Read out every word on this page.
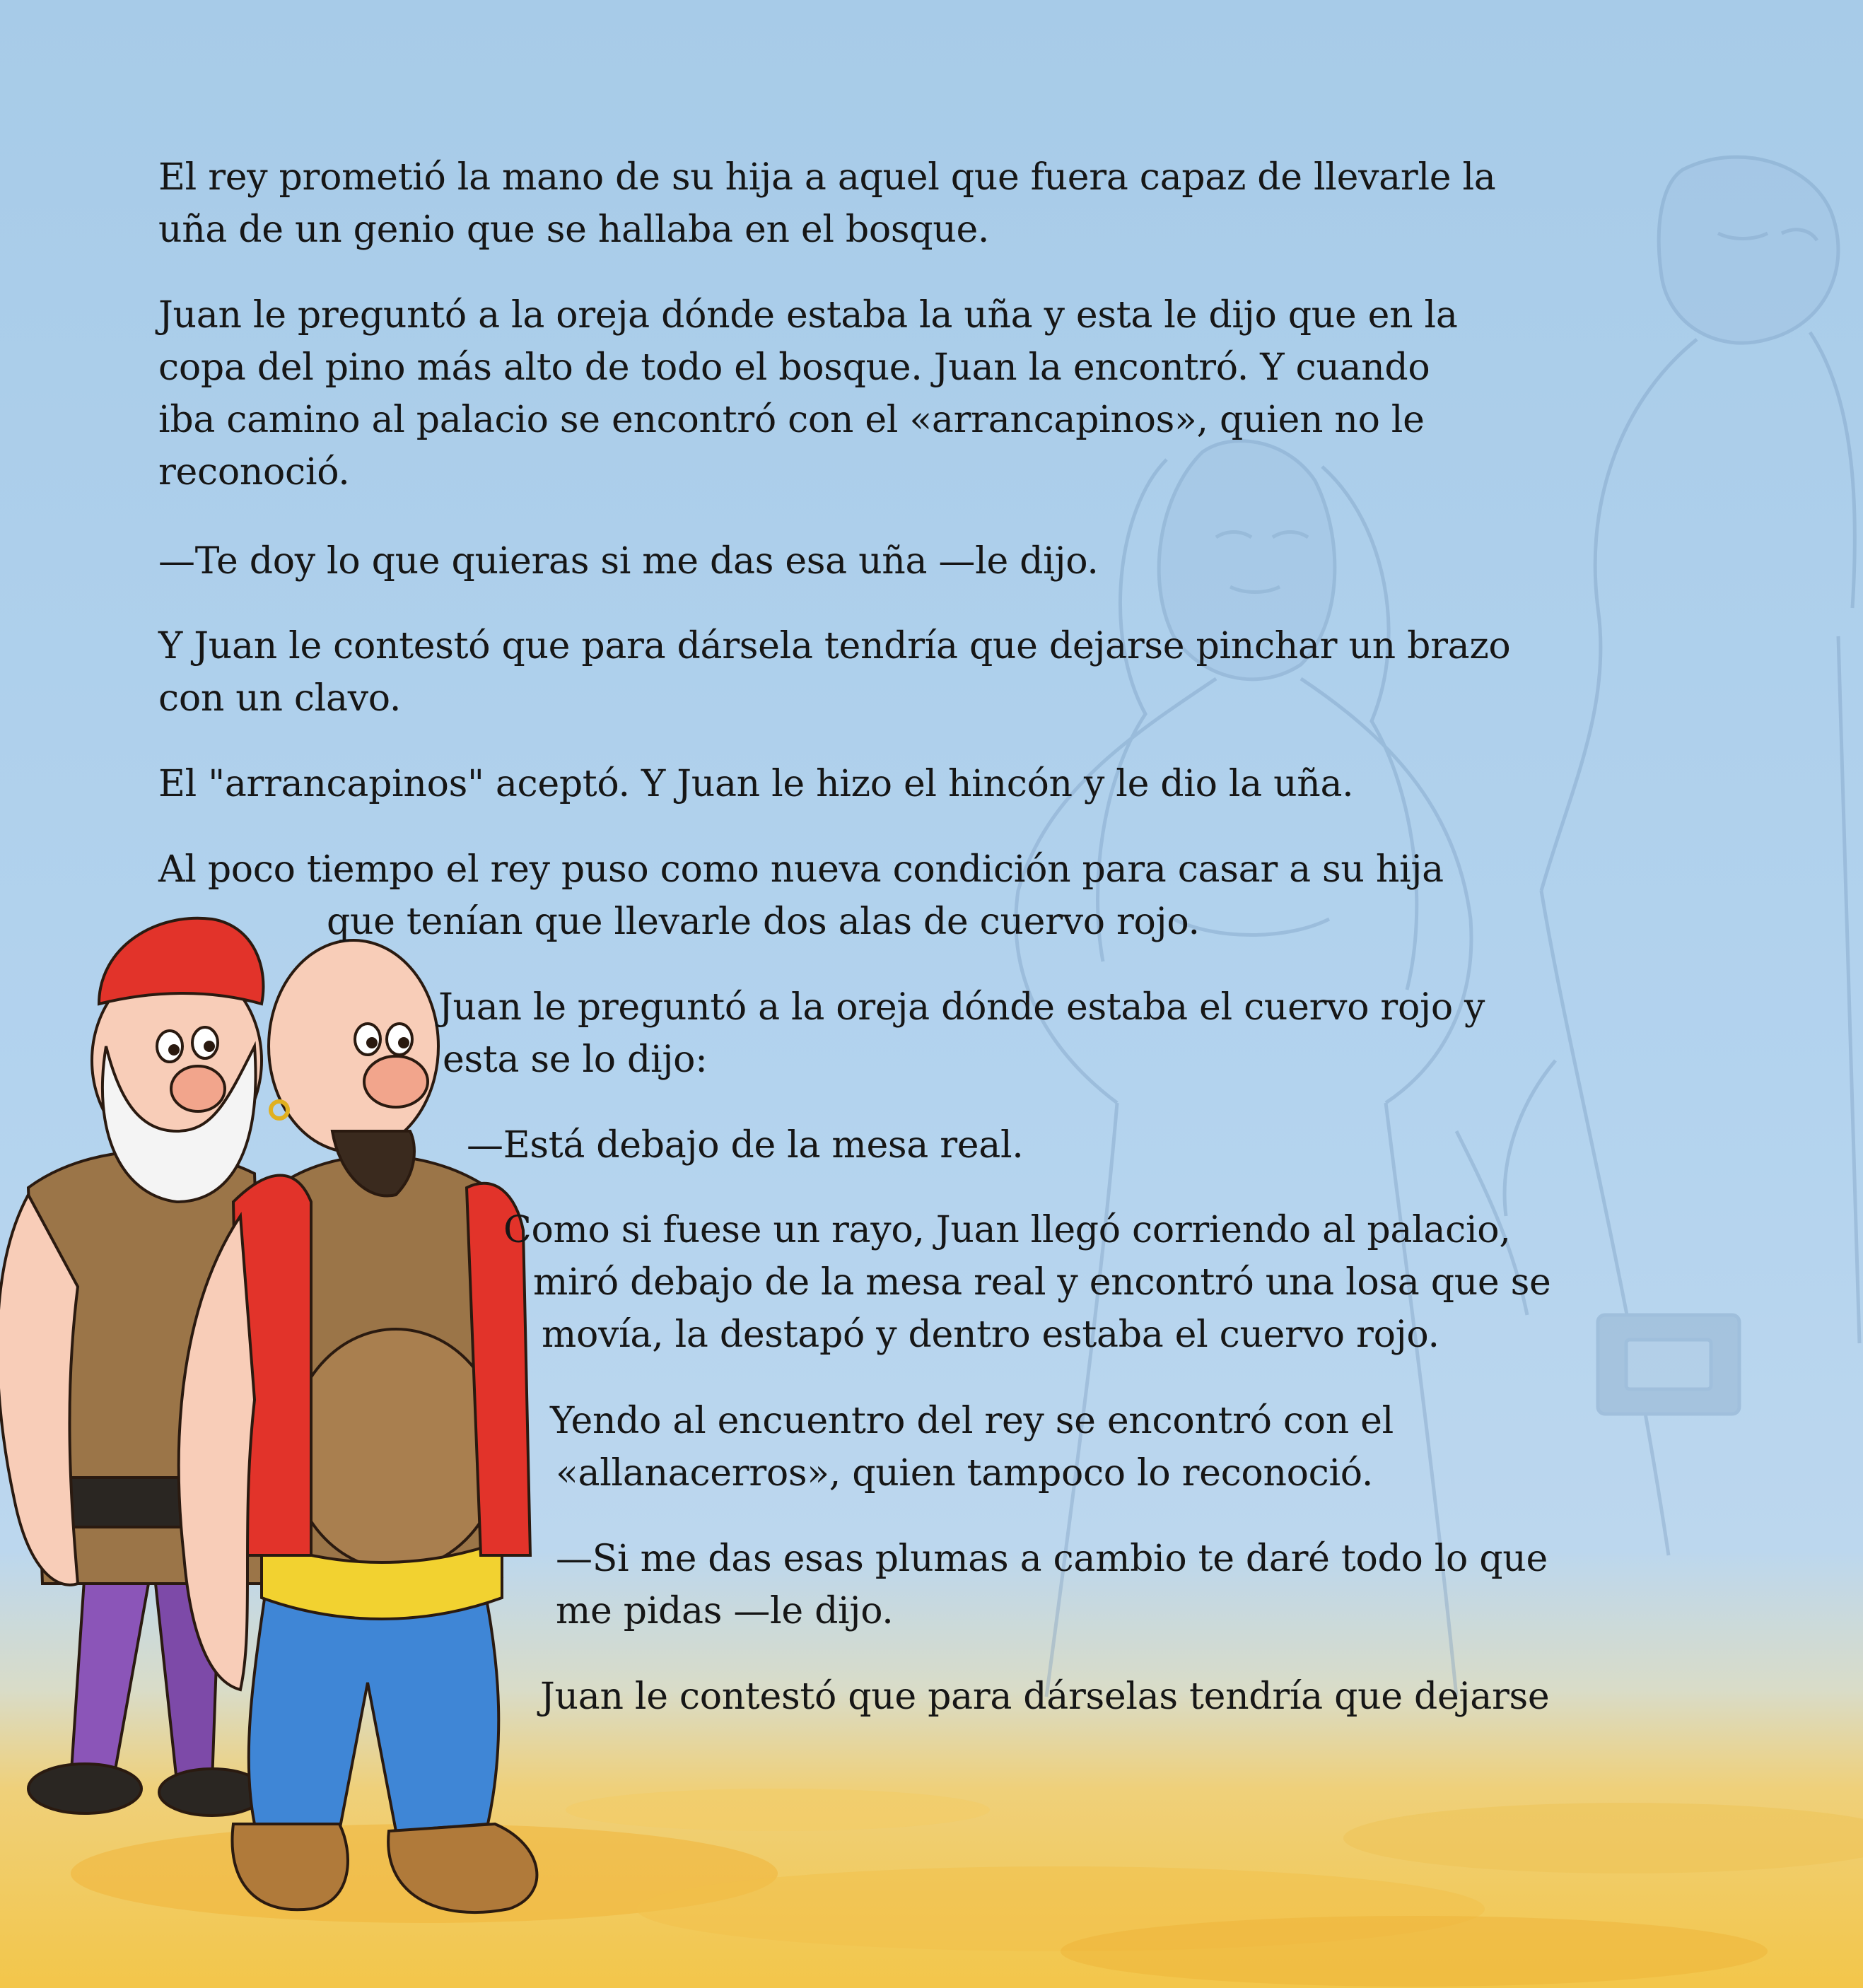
El rey prometió la mano de su hija a aquel que fuera capaz de llevarle la
uña de un genio que se hallaba en el bosque.

Juan le preguntó a la oreja dónde estaba la uña y esta le dijo que en la
copa del pino más alto de todo el bosque. Juan la encontró. Y cuando
iba camino al palacio se encontró con el «arrancapinos», quien no le
reconoció.

—Te doy lo que quieras si me das esa uña —le dijo.

Y Juan le contestó que para dársela tendría que dejarse pinchar un brazo
con un clavo.

El "arrancapinos" aceptó. Y Juan le hizo el hincón y le dio la uña.

Al poco tiempo el rey puso como nueva condición para casar a su hija
que tenían que llevarle dos alas de cuervo rojo.

Juan le preguntó a la oreja dónde estaba el cuervo rojo y
esta se lo dijo:

—Está debajo de la mesa real.

Como si fuese un rayo, Juan llegó corriendo al palacio,
miró debajo de la mesa real y encontró una losa que se
movía, la destapó y dentro estaba el cuervo rojo.

Yendo al encuentro del rey se encontró con el
«allanacerros», quien tampoco lo reconoció.

—Si me das esas plumas a cambio te daré todo lo que
me pidas —le dijo.

Juan le contestó que para dárselas tendría que dejarse
